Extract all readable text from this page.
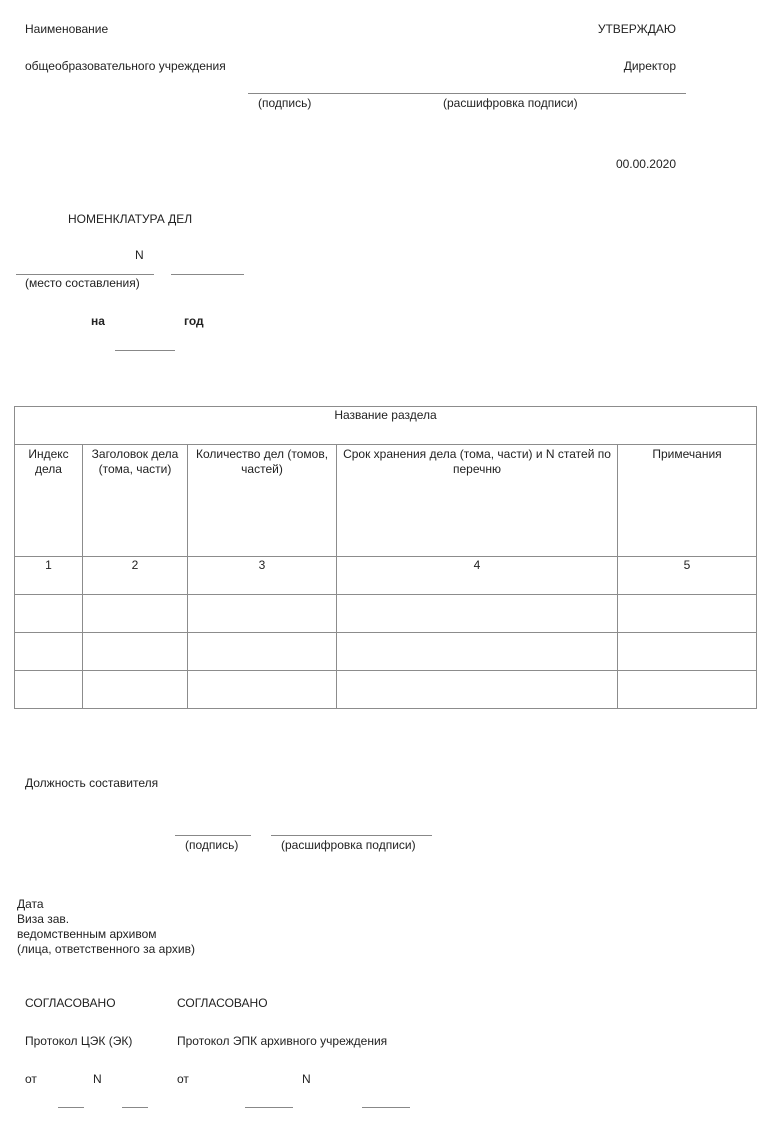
Наименование
общеобразовательного учреждения
УТВЕРЖДАЮ
Директор
(подпись)	(расшифровка подписи)
00.00.2020
НОМЕНКЛАТУРА ДЕЛ
N
(место составления)
на	год
Название раздела				

Индекс дела	Заголовок дела (тома, части)	Количество дел (томов, частей)	Срок хранения дела (тома, части) и N статей по перечню	Примечания

1	2	3	4	5

Должность составителя
(подпись)	(расшифровка подписи)
Дата
Виза зав.
ведомственным архивом
(лица, ответственного за архив)
СОГЛАСОВАНО
Протокол ЦЭК (ЭК)
от	N
СОГЛАСОВАНО
Протокол ЭПК архивного учреждения
от	N
